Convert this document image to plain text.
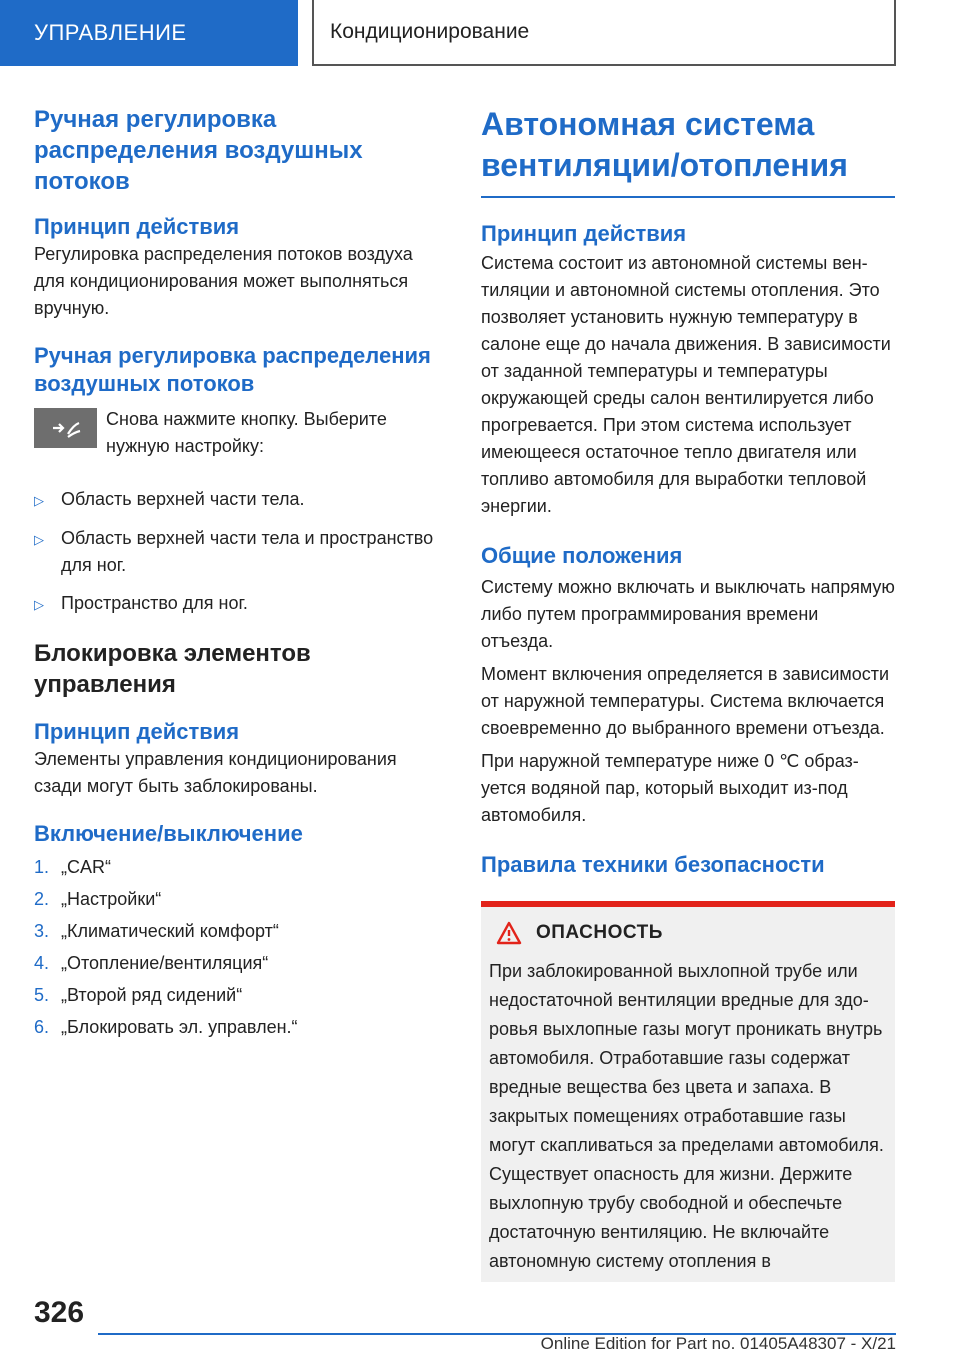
УПРАВЛЕНИЕ	Кондиционирование
Ручная регулировка распределения воздушных потоков
Принцип действия

Регулировка распределения потоков воздуха для кондиционирования может выполняться вручную.

Ручная регулировка распределения воздушных потоков

Снова нажмите кнопку. Выберите нужную настройку:

▷ Область верхней части тела.
▷ Область верхней части тела и пространство для ног.
▷ Пространство для ног.
Блокировка элементов управления
Принцип действия

Элементы управления кондиционирования сзади могут быть заблокированы.

Включение/выключение
1. „CAR“
2. „Настройки“
3. „Климатический комфорт“
4. „Отопление/вентиляция“
5. „Второй ряд сидений“
6. „Блокировать эл. управлен.“
Автономная система вентиляции/отопления
Принцип действия

Система состоит из автономной системы вентиляции и автономной системы отопления. Это позволяет установить нужную температуру в салоне еще до начала движения. В зависимости от заданной температуры и температуры окружающей среды салон вентилируется либо прогревается. При этом система использует имеющееся остаточное тепло двигателя или топливо автомобиля для выработки тепловой энергии.

Общие положения

Систему можно включать и выключать напрямую либо путем программирования времени отъезда.

Момент включения определяется в зависимости от наружной температуры. Система включается своевременно до выбранного времени отъезда.

При наружной температуре ниже 0 ℃ образуется водяной пар, который выходит из-под автомобиля.

Правила техники безопасности
ОПАСНОСТЬ

При заблокированной выхлопной трубе или недостаточной вентиляции вредные для здоровья выхлопные газы могут проникать внутрь автомобиля. Отработавшие газы содержат вредные вещества без цвета и запаха. В закрытых помещениях отработавшие газы могут скапливаться за пределами автомобиля. Существует опасность для жизни. Держите выхлопную трубу свободной и обеспечьте достаточную вентиляцию. Не включайте автономную систему отопления в

326
Online Edition for Part no. 01405A48307 - X/21
